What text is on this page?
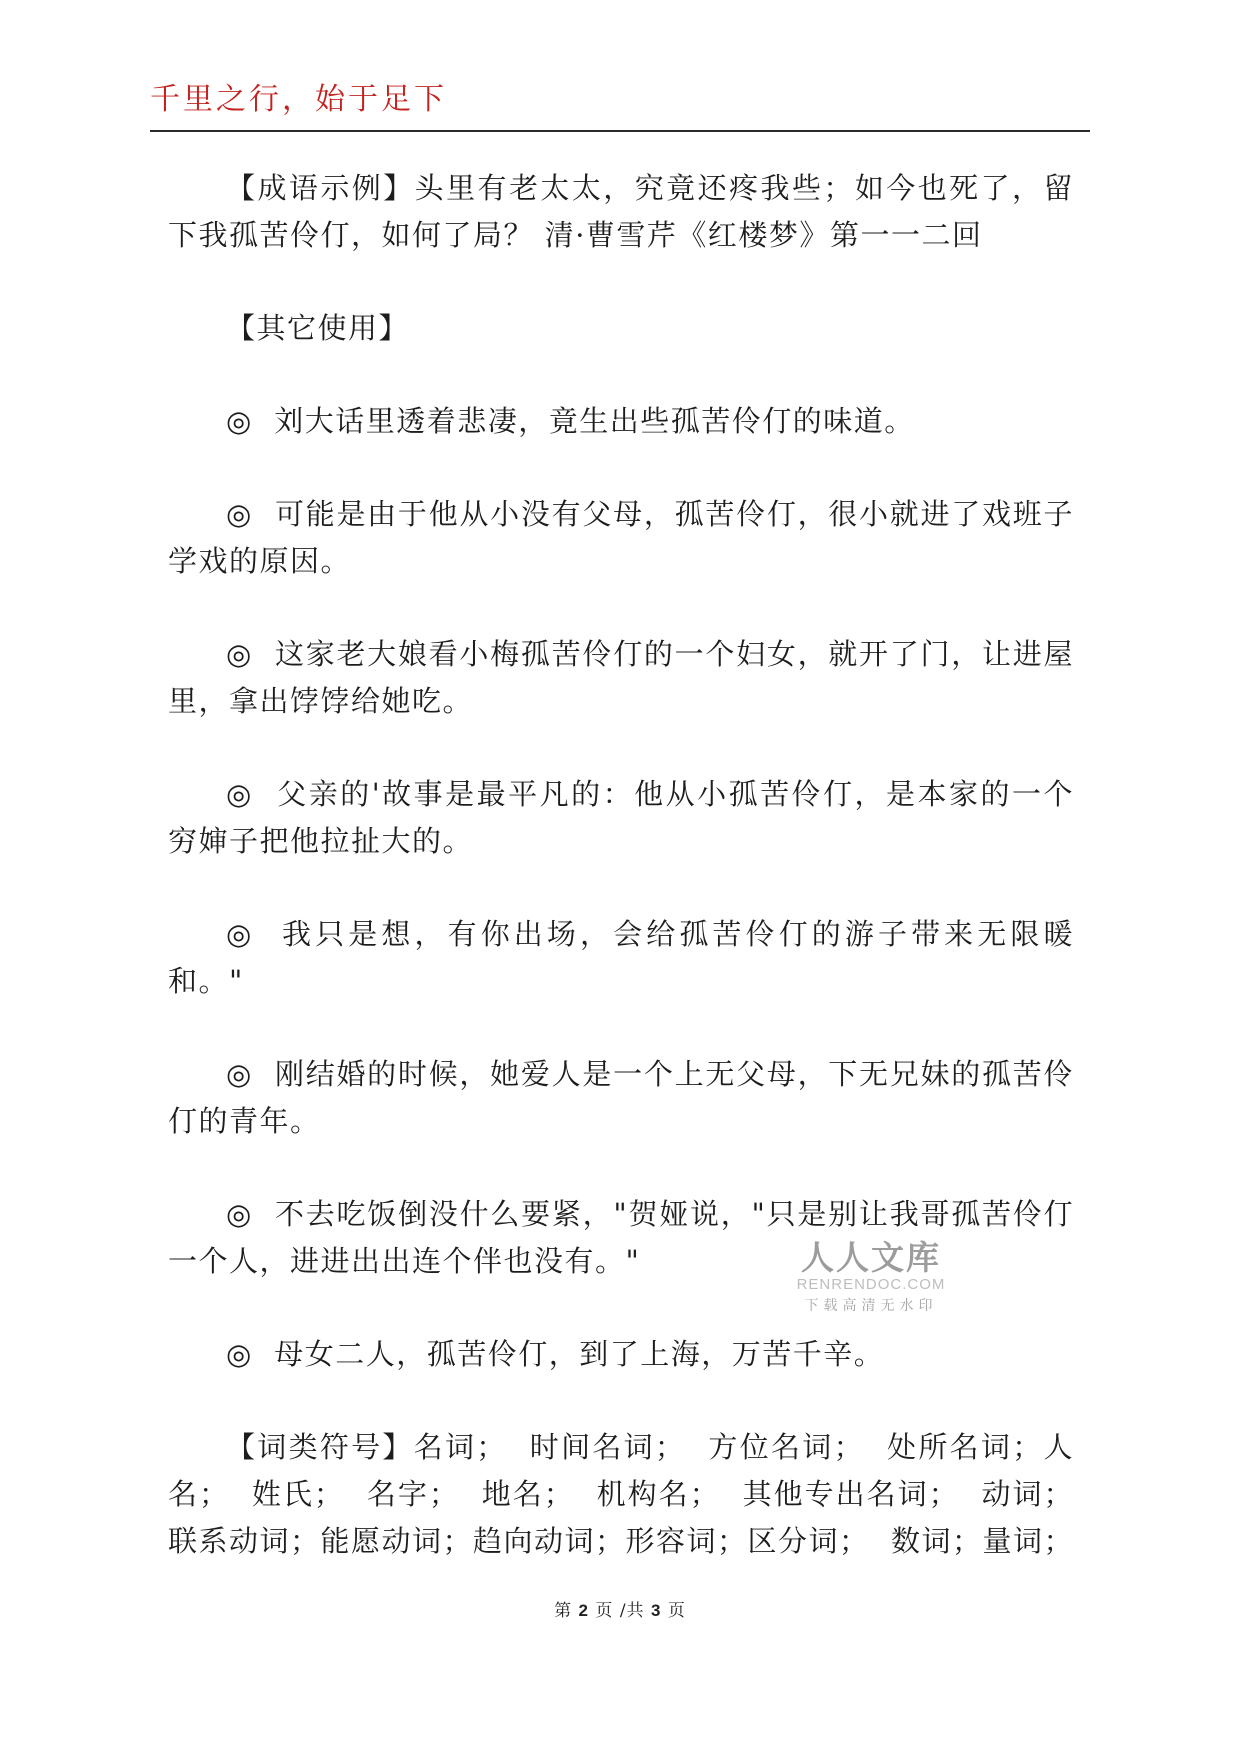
千里之行，始于足下

【成语示例】头里有老太太，究竟还疼我些；如今也死了，留下我孤苦伶仃，如何了局？ 清·曹雪芹《红楼梦》第一一二回

【其它使用】

◎  刘大话里透着悲凄，竟生出些孤苦伶仃的味道。

◎  可能是由于他从小没有父母，孤苦伶仃，很小就进了戏班子学戏的原因。

◎  这家老大娘看小梅孤苦伶仃的一个妇女，就开了门，让进屋里，拿出饽饽给她吃。

◎  父亲的'故事是最平凡的：他从小孤苦伶仃，是本家的一个穷婶子把他拉扯大的。

◎  我只是想，有你出场，会给孤苦伶仃的游子带来无限暖和。"

◎  刚结婚的时候，她爱人是一个上无父母，下无兄妹的孤苦伶仃的青年。

◎  不去吃饭倒没什么要紧，"贺娅说，"只是别让我哥孤苦伶仃一个人，进进出出连个伴也没有。"

◎  母女二人，孤苦伶仃，到了上海，万苦千辛。

【词类符号】名词；  时间名词；  方位名词；  处所名词；人名；  姓氏；  名字；  地名；  机构名；  其他专出名词；  动词；联系动词；能愿动词；趋向动词；形容词；区分词；  数词；量词；

人人文库
RENRENDOC.COM
下载高清无水印
第 2 页 /共 3 页
